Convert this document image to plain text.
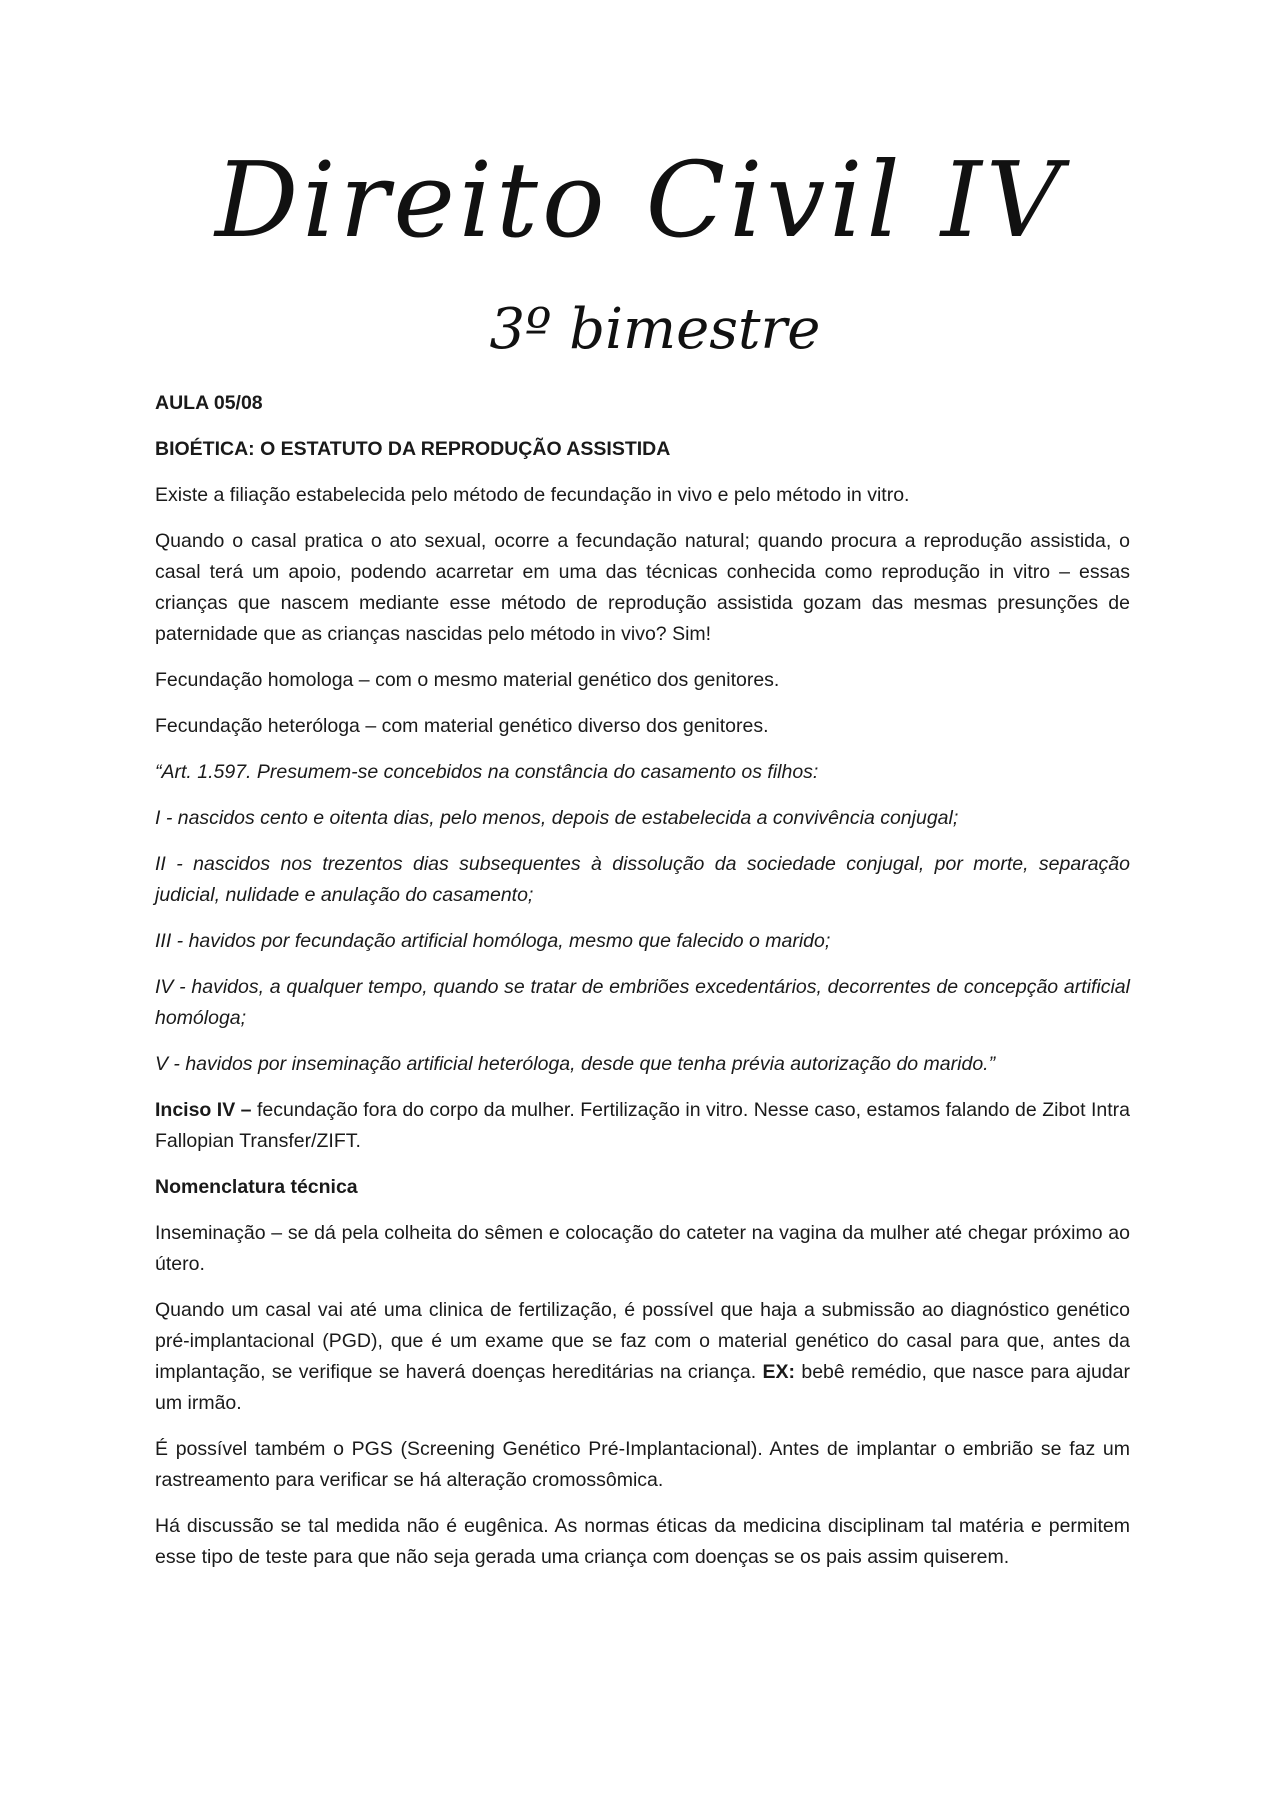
Direito Civil IV
3º bimestre

AULA 05/08

BIOÉTICA: O ESTATUTO DA REPRODUÇÃO ASSISTIDA

Existe a filiação estabelecida pelo método de fecundação in vivo e pelo método in vitro.

Quando o casal pratica o ato sexual, ocorre a fecundação natural; quando procura a reprodução assistida, o casal terá um apoio, podendo acarretar em uma das técnicas conhecida como reprodução in vitro – essas crianças que nascem mediante esse método de reprodução assistida gozam das mesmas presunções de paternidade que as crianças nascidas pelo método in vivo? Sim!

Fecundação homologa – com o mesmo material genético dos genitores.

Fecundação heteróloga – com material genético diverso dos genitores.

“Art. 1.597. Presumem-se concebidos na constância do casamento os filhos:

I - nascidos cento e oitenta dias, pelo menos, depois de estabelecida a convivência conjugal;

II - nascidos nos trezentos dias subsequentes à dissolução da sociedade conjugal, por morte, separação judicial, nulidade e anulação do casamento;

III - havidos por fecundação artificial homóloga, mesmo que falecido o marido;

IV - havidos, a qualquer tempo, quando se tratar de embriões excedentários, decorrentes de concepção artificial homóloga;

V - havidos por inseminação artificial heteróloga, desde que tenha prévia autorização do marido.”

Inciso IV – fecundação fora do corpo da mulher. Fertilização in vitro. Nesse caso, estamos falando de Zibot Intra Fallopian Transfer/ZIFT.

Nomenclatura técnica

Inseminação – se dá pela colheita do sêmen e colocação do cateter na vagina da mulher até chegar próximo ao útero.

Quando um casal vai até uma clinica de fertilização, é possível que haja a submissão ao diagnóstico genético pré-implantacional (PGD), que é um exame que se faz com o material genético do casal para que, antes da implantação, se verifique se haverá doenças hereditárias na criança. EX: bebê remédio, que nasce para ajudar um irmão.

É possível também o PGS (Screening Genético Pré-Implantacional). Antes de implantar o embrião se faz um rastreamento para verificar se há alteração cromossômica.

Há discussão se tal medida não é eugênica. As normas éticas da medicina disciplinam tal matéria e permitem esse tipo de teste para que não seja gerada uma criança com doenças se os pais assim quiserem.
